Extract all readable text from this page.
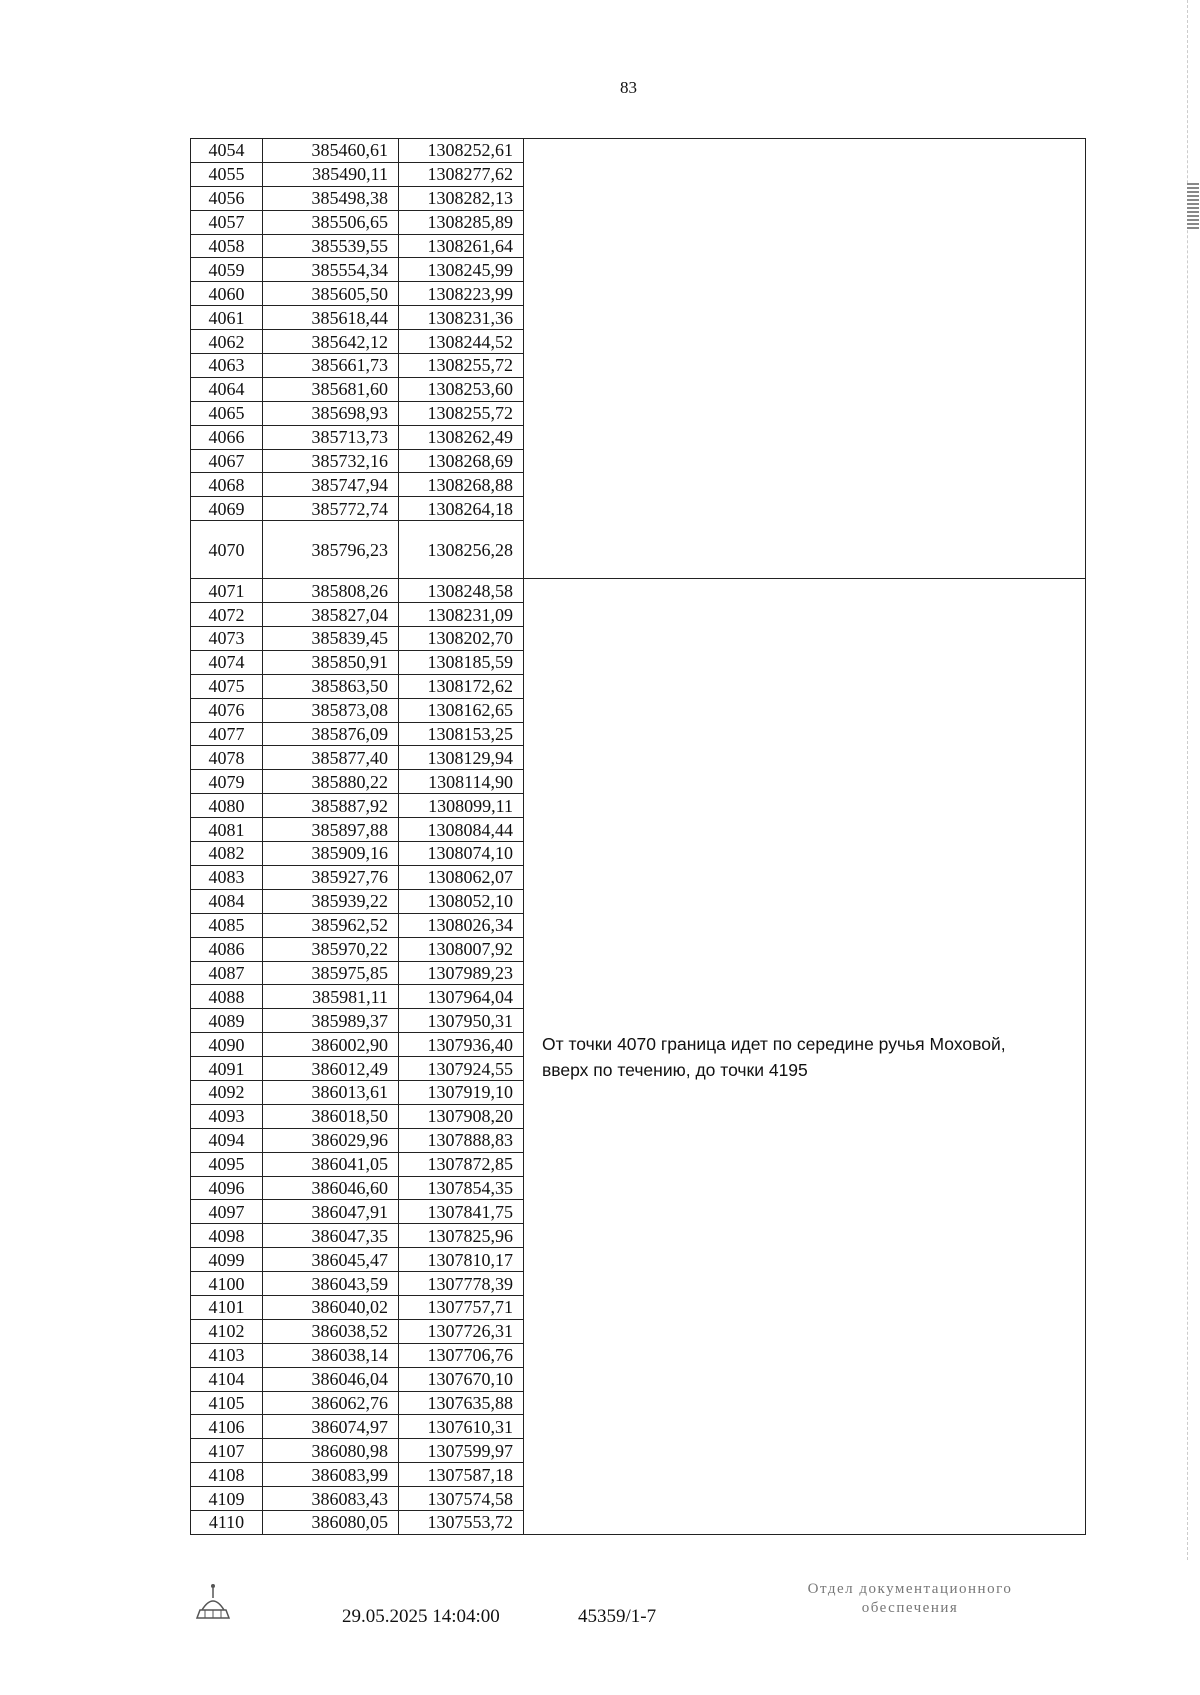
83
4054	385460,61	1308252,61	
4055	385490,11	1308277,62	
4056	385498,38	1308282,13	
4057	385506,65	1308285,89	
4058	385539,55	1308261,64	
4059	385554,34	1308245,99	
4060	385605,50	1308223,99	
4061	385618,44	1308231,36	
4062	385642,12	1308244,52	
4063	385661,73	1308255,72	
4064	385681,60	1308253,60	
4065	385698,93	1308255,72	
4066	385713,73	1308262,49	
4067	385732,16	1308268,69	
4068	385747,94	1308268,88	
4069	385772,74	1308264,18	
4070	385796,23	1308256,28	
4071	385808,26	1308248,58	От точки 4070 граница идет по середине ручья Моховой, вверх по течению, до точки 4195
4072	385827,04	1308231,09	
4073	385839,45	1308202,70	
4074	385850,91	1308185,59	
4075	385863,50	1308172,62	
4076	385873,08	1308162,65	
4077	385876,09	1308153,25	
4078	385877,40	1308129,94	
4079	385880,22	1308114,90	
4080	385887,92	1308099,11	
4081	385897,88	1308084,44	
4082	385909,16	1308074,10	
4083	385927,76	1308062,07	
4084	385939,22	1308052,10	
4085	385962,52	1308026,34	
4086	385970,22	1308007,92	
4087	385975,85	1307989,23	
4088	385981,11	1307964,04	
4089	385989,37	1307950,31	
4090	386002,90	1307936,40	
4091	386012,49	1307924,55	
4092	386013,61	1307919,10	
4093	386018,50	1307908,20	
4094	386029,96	1307888,83	
4095	386041,05	1307872,85	
4096	386046,60	1307854,35	
4097	386047,91	1307841,75	
4098	386047,35	1307825,96	
4099	386045,47	1307810,17	
4100	386043,59	1307778,39	
4101	386040,02	1307757,71	
4102	386038,52	1307726,31	
4103	386038,14	1307706,76	
4104	386046,04	1307670,10	
4105	386062,76	1307635,88	
4106	386074,97	1307610,31	
4107	386080,98	1307599,97	
4108	386083,99	1307587,18	
4109	386083,43	1307574,58	
4110	386080,05	1307553,72	
29.05.2025 14:04:00	45359/1-7
Отдел документационного
обеспечения
